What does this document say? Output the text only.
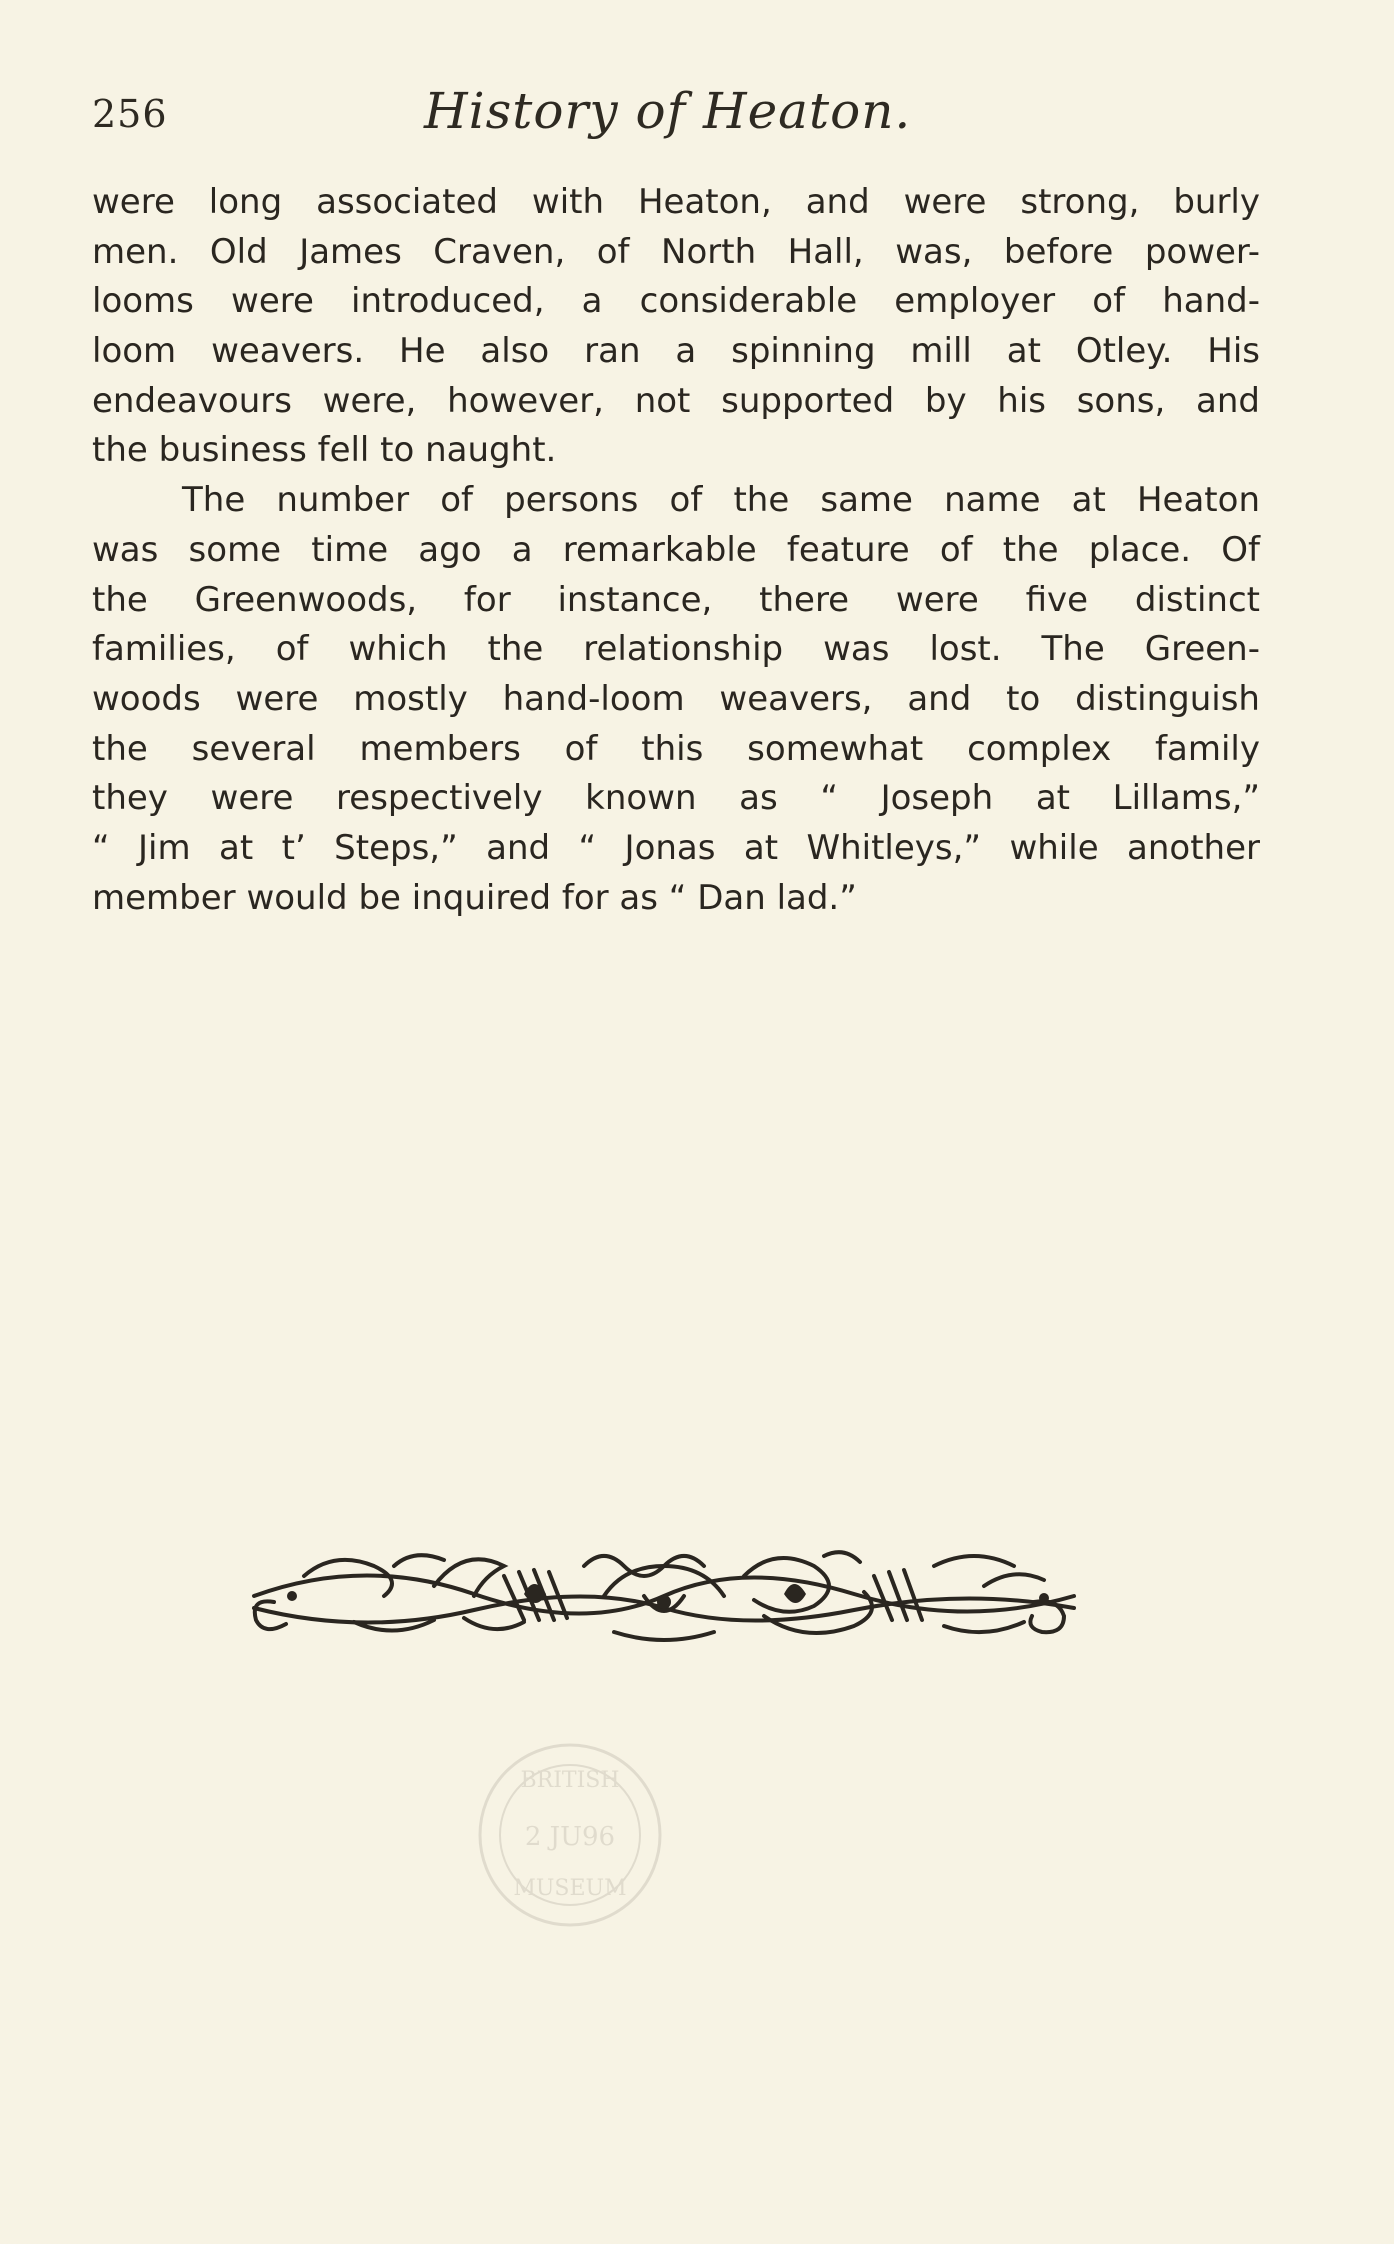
256	History of Heaton.
were long associated with Heaton, and were strong, burly
men. Old James Craven, of North Hall, was, before power-
looms were introduced, a considerable employer of hand-
loom weavers. He also ran a spinning mill at Otley. His
endeavours were, however, not supported by his sons, and
the business fell to naught.
The number of persons of the same name at Heaton
was some time ago a remarkable feature of the place. Of
the Greenwoods, for instance, there were five distinct
families, of which the relationship was lost. The Green-
woods were mostly hand-loom weavers, and to distinguish
the several members of this somewhat complex family
they were respectively known as “ Joseph at Lillams,”
“ Jim at t’ Steps,” and “ Jonas at Whitleys,” while another
member would be inquired for as “ Dan lad.”
BRITISH
2 JU96
MUSEUM
